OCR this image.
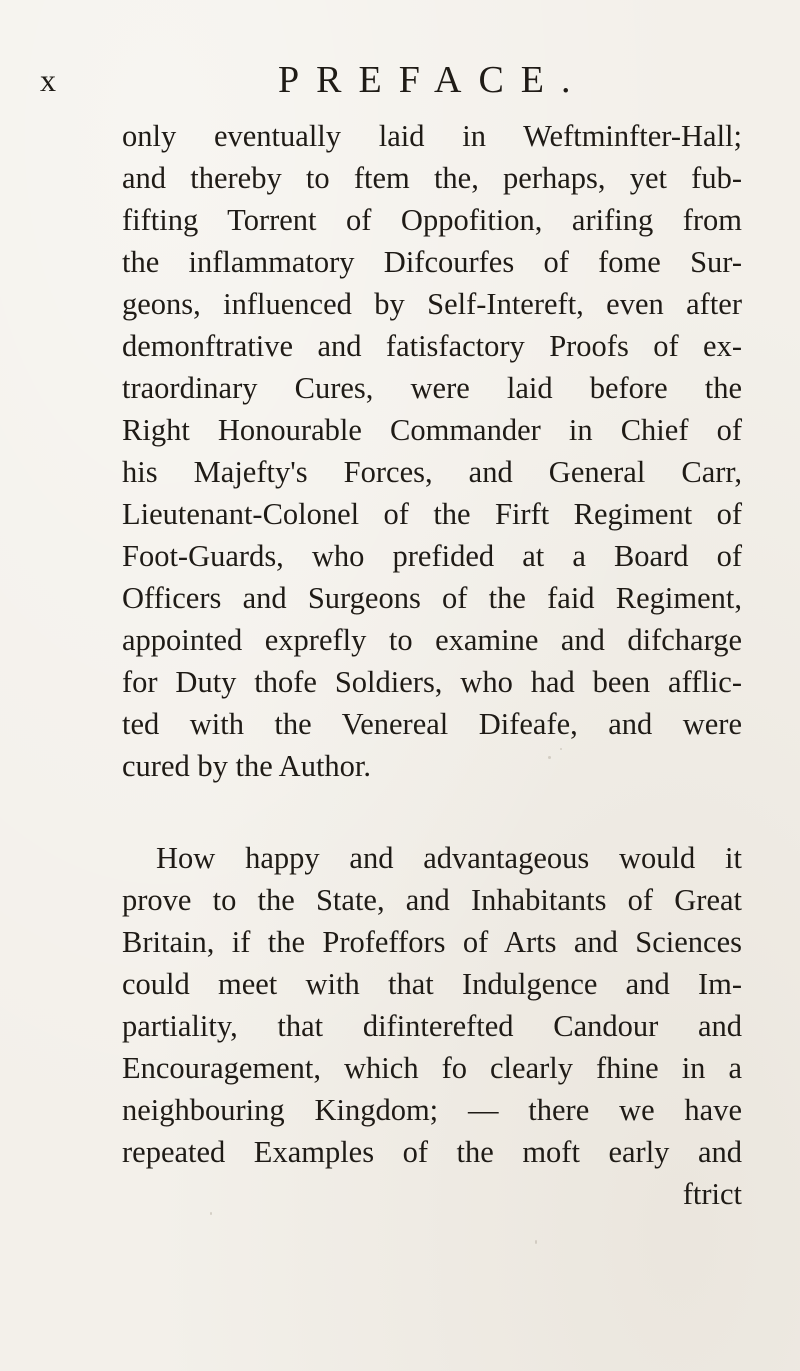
x	PREFACE.
only eventually laid in Weftminfter-Hall;
and thereby to ftem the, perhaps, yet fub-
fifting Torrent of Oppofition, arifing from
the inflammatory Difcourfes of fome Sur-
geons, influenced by Self-Intereft, even after
demonftrative and fatisfactory Proofs of ex-
traordinary Cures, were laid before the
Right Honourable Commander in Chief of
his Majefty's Forces, and General Carr,
Lieutenant-Colonel of the Firft Regiment of
Foot-Guards, who prefided at a Board of
Officers and Surgeons of the faid Regiment,
appointed exprefly to examine and difcharge
for Duty thofe Soldiers, who had been afflic-
ted with the Venereal Difeafe, and were
cured by the Author.
How happy and advantageous would it
prove to the State, and Inhabitants of Great
Britain, if the Profeffors of Arts and Sciences
could meet with that Indulgence and Im-
partiality, that difinterefted Candour and
Encouragement, which fo clearly fhine in a
neighbouring Kingdom; — there we have
repeated Examples of the moft early and
ftrict
